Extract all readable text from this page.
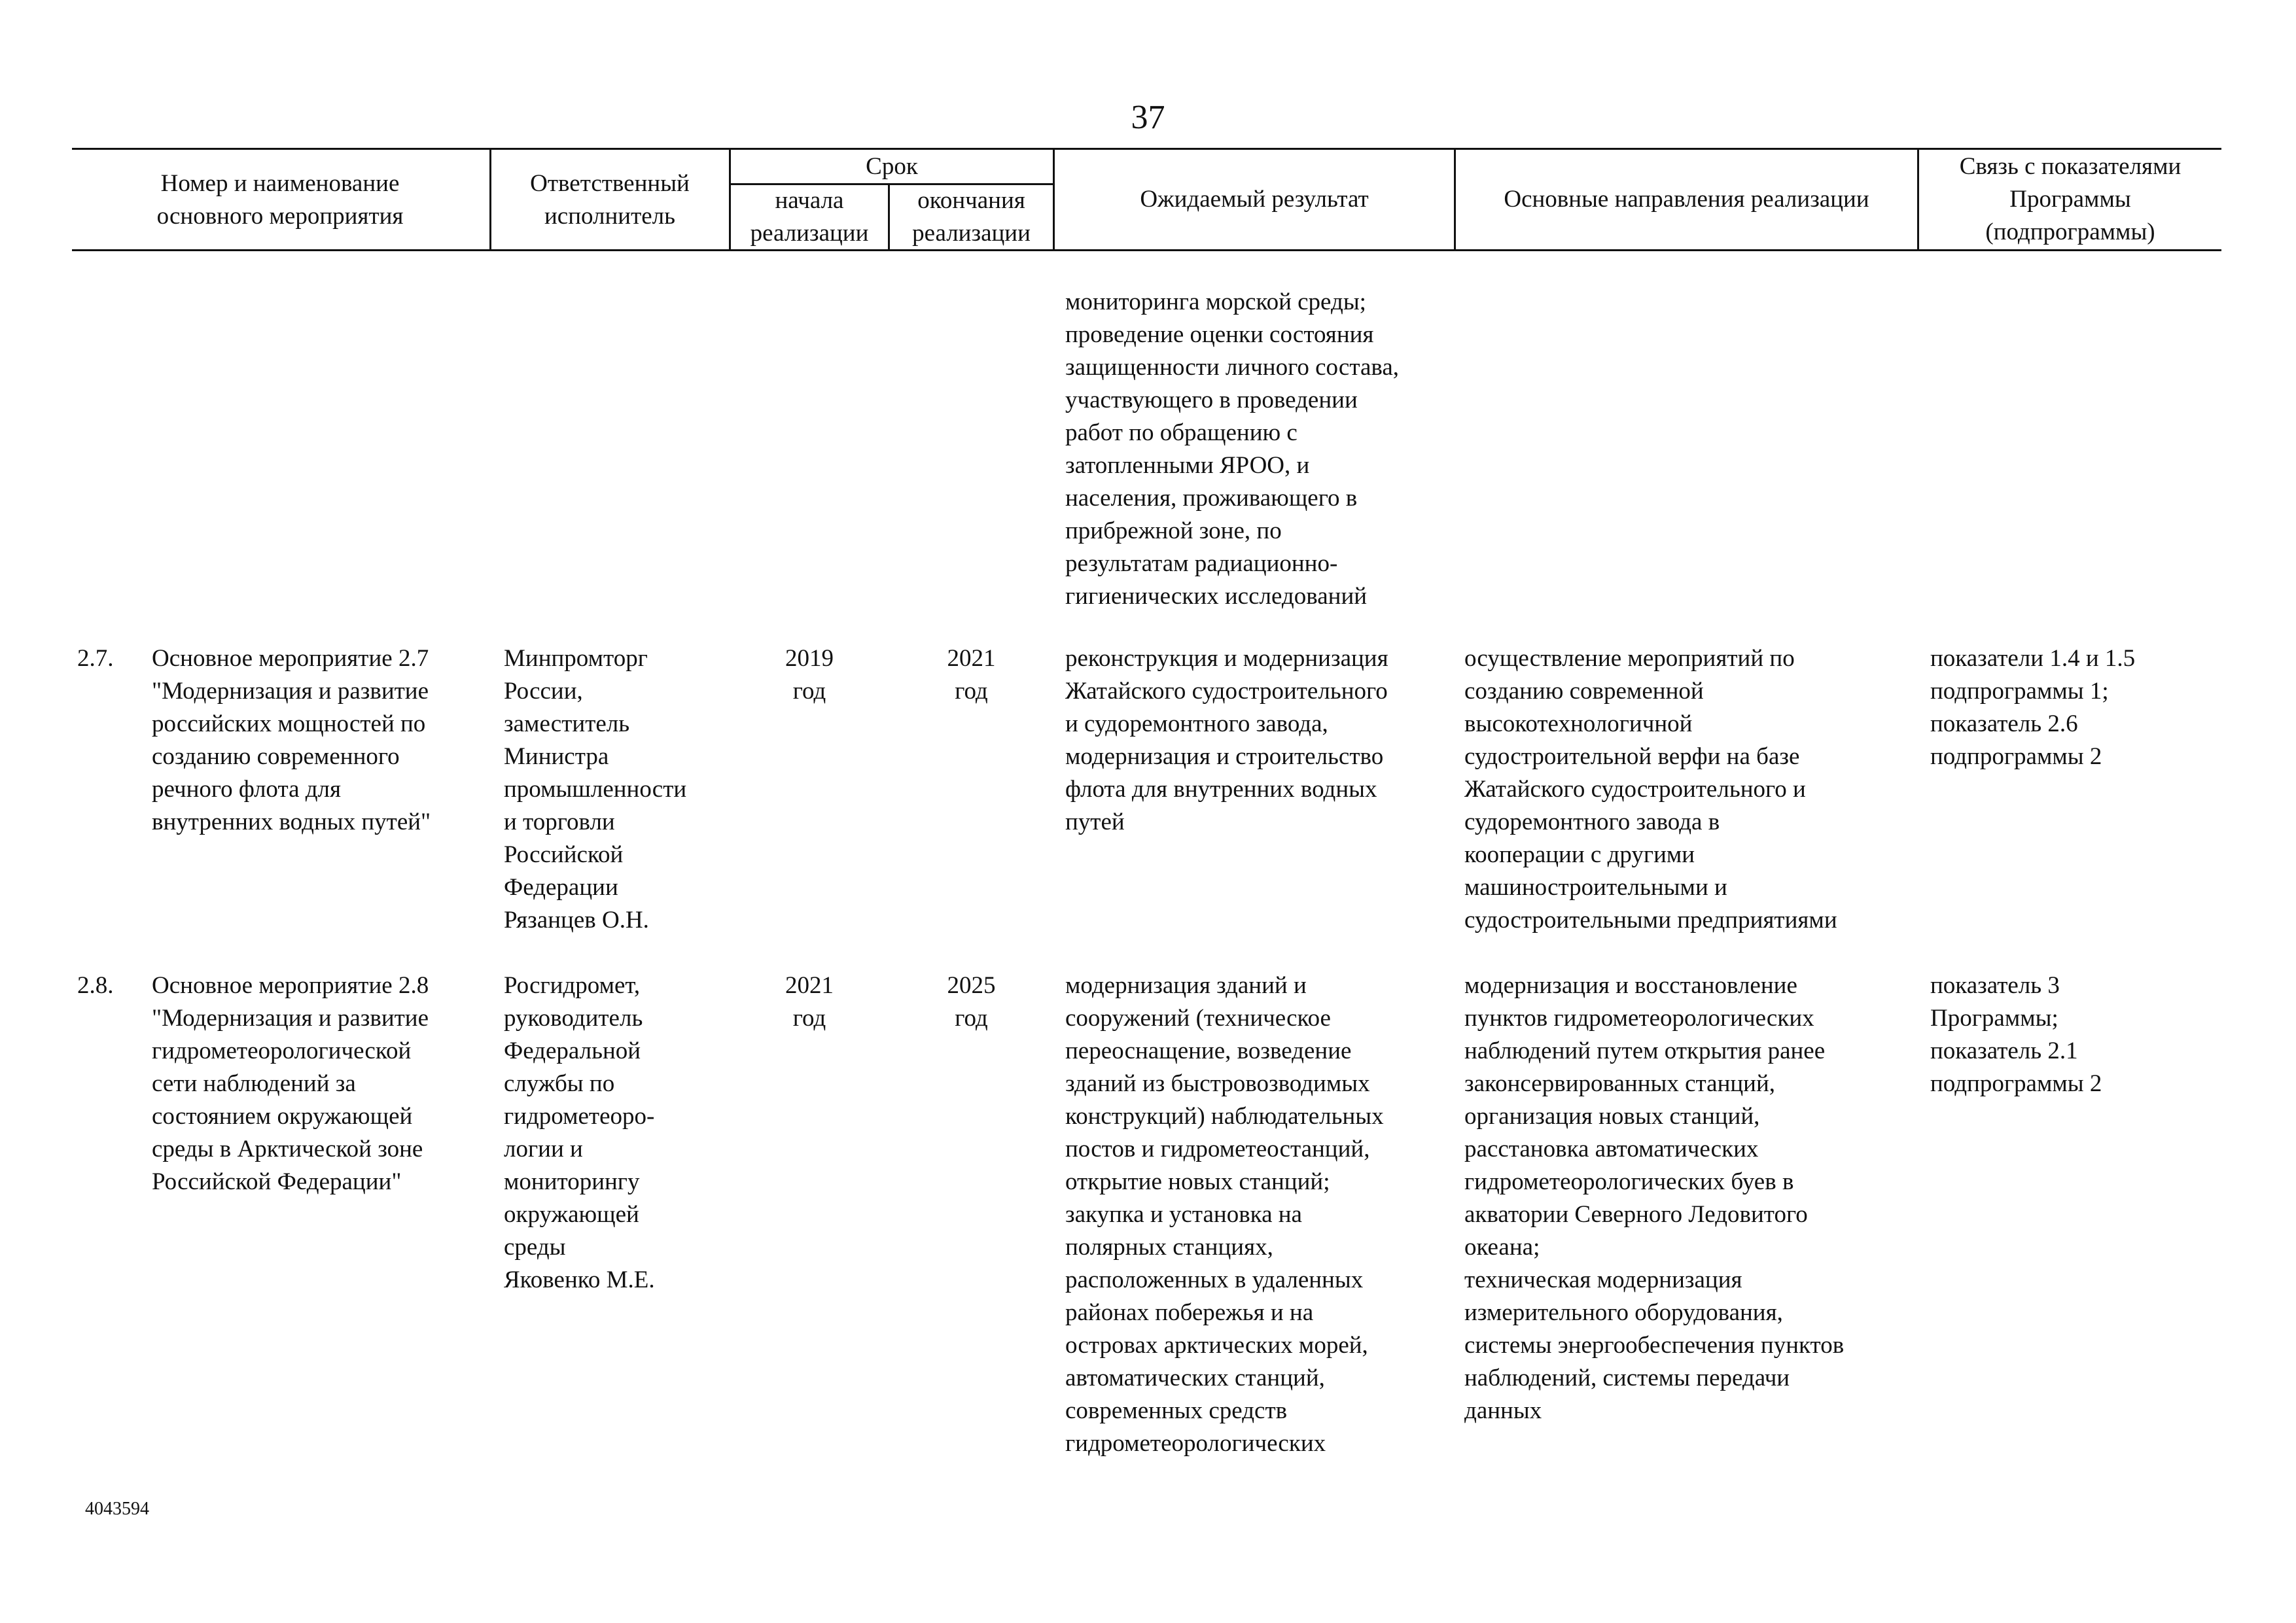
37
Номер и наименование
основного мероприятия
Ответственный
исполнитель
Срок
начала
реализации
окончания
реализации
Ожидаемый результат	Основные направления реализации
Связь с показателями
Программы
(подпрограммы)
мониторинга морской среды;
проведение оценки состояния
защищенности личного состава,
участвующего в проведении
работ по обращению с
затопленными ЯРОО, и
населения, проживающего в
прибрежной зоне, по
результатам радиационно-
гигиенических исследований
2.7. Основное мероприятие 2.7
"Модернизация и развитие
российских мощностей по
созданию современного
речного флота для
внутренних водных путей"
Минпромторг
России,
заместитель
Министра
промышленности
и торговли
Российской
Федерации
Рязанцев О.Н.
2019
год
2021
год
реконструкция и модернизация
Жатайского судостроительного
и судоремонтного завода,
модернизация и строительство
флота для внутренних водных
путей
осуществление мероприятий по
созданию современной
высокотехнологичной
судостроительной верфи на базе
Жатайского судостроительного и
судоремонтного завода в
кооперации с другими
машиностроительными и
судостроительными предприятиями
показатели 1.4 и 1.5
подпрограммы 1;
показатель 2.6
подпрограммы 2
2.8. Основное мероприятие 2.8
"Модернизация и развитие
гидрометеорологической
сети наблюдений за
состоянием окружающей
среды в Арктической зоне
Российской Федерации"
Росгидромет,
руководитель
Федеральной
службы по
гидрометеоро-
логии и
мониторингу
окружающей
среды
Яковенко М.Е.
2021
год
2025
год
модернизация зданий и
сооружений (техническое
переоснащение, возведение
зданий из быстровозводимых
конструкций) наблюдательных
постов и гидрометеостанций,
открытие новых станций;
закупка и установка на
полярных станциях,
расположенных в удаленных
районах побережья и на
островах арктических морей,
автоматических станций,
современных средств
гидрометеорологических
модернизация и восстановление
пунктов гидрометеорологических
наблюдений путем открытия ранее
законсервированных станций,
организация новых станций,
расстановка автоматических
гидрометеорологических буев в
акватории Северного Ледовитого
океана;
техническая модернизация
измерительного оборудования,
системы энергообеспечения пунктов
наблюдений, системы передачи
данных
показатель 3
Программы;
показатель 2.1
подпрограммы 2
4043594
